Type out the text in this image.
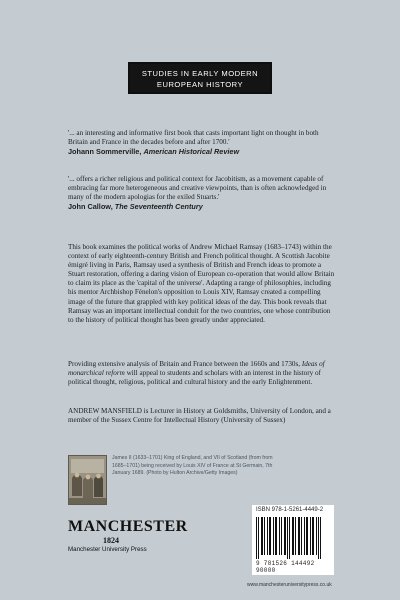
STUDIES IN EARLY MODERN
EUROPEAN HISTORY

'... an interesting and informative first book that casts important light on thought in both Britain and France in the decades before and after 1700.'

Johann Sommerville, American Historical Review

'... offers a richer religious and political context for Jacobitism, as a movement capable of embracing far more heterogeneous and creative viewpoints, than is often acknowledged in many of the modern apologias for the exiled Stuarts.'

John Callow, The Seventeenth Century

This book examines the political works of Andrew Michael Ramsay (1683–1743) within the context of early eighteenth-century British and French political thought. A Scottish Jacobite émigré living in Paris, Ramsay used a synthesis of British and French ideas to promote a Stuart restoration, offering a daring vision of European co-operation that would allow Britain to claim its place as the 'capital of the universe'. Adapting a range of philosophies, including his mentor Archbishop Fénelon's opposition to Louis XIV, Ramsay created a compelling image of the future that grappled with key political ideas of the day. This book reveals that Ramsay was an important intellectual conduit for the two countries, one whose contribution to the history of political thought has been greatly under appreciated.

Providing extensive analysis of Britain and France between the 1660s and 1730s, Ideas of monarchical reform will appeal to students and scholars with an interest in the history of political thought, religious, political and cultural history and the early Enlightenment.

ANDREW MANSFIELD is Lecturer in History at Goldsmiths, University of London, and a member of the Sussex Centre for Intellectual History (University of Sussex)

James II (1633–1701) King of England, and VII of Scotland (from from 1685–1701) being received by Louis XIV of France at St Germain, 7th January 1689. (Photo by Hulton Archive/Getty Images)
MANCHESTER
1824
Manchester University Press
ISBN 978-1-5261-4449-2
9 781526 144492 90000
www.manchesteruniversitypress.co.uk
